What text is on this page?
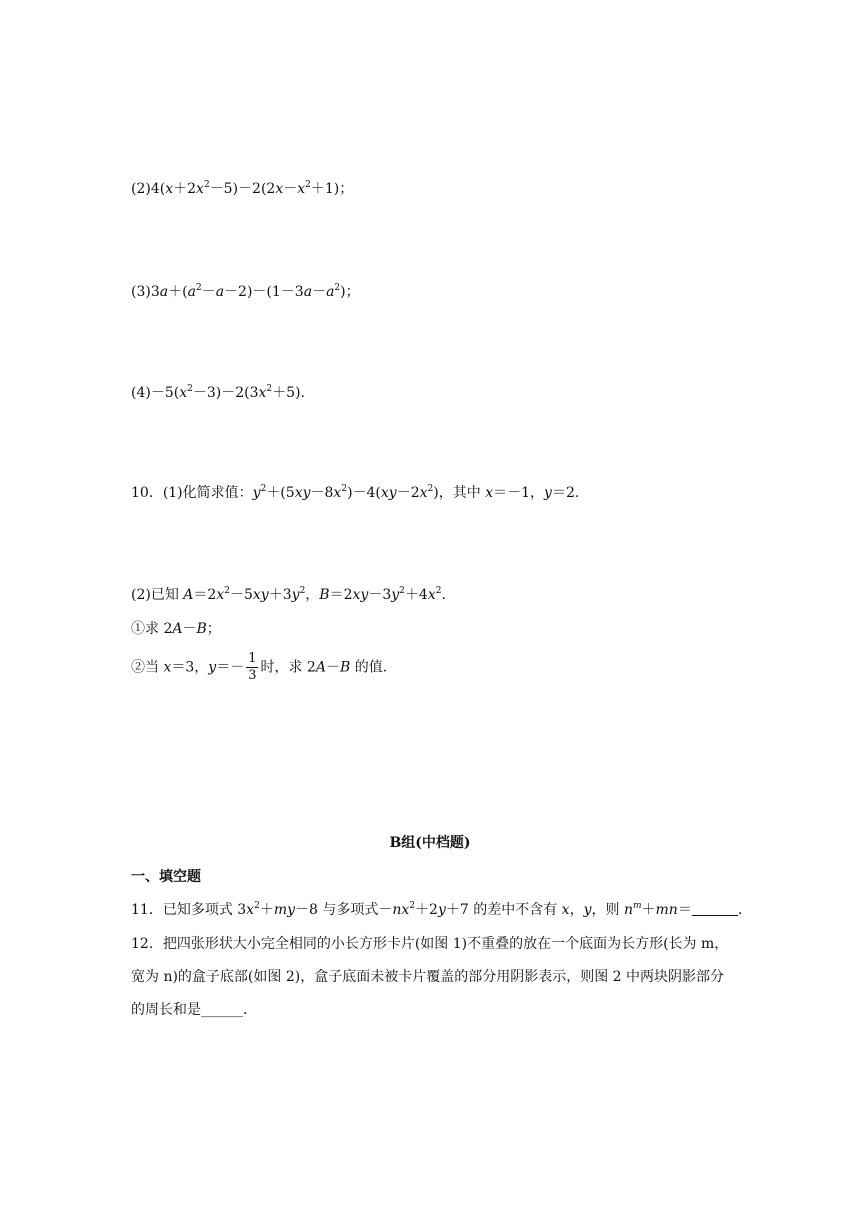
$(2)4(x+2x^2-5)-2(2x-x^2+1)$；
$(3)3a+(a^2-a-2)-(1-3a-a^2)$；
$(4)-5(x^2-3)-2(3x^2+5)$.
10．(1)化简求值：$y^2+(5xy-8x^2)-4(xy-2x^2)$，其中 x＝－1，y＝2.
(2)已知 $A=2x^2-5xy+3y^2$，$B=2xy-3y^2+4x^2$.
①求 2A－B；
②当 x＝3，$y=- \frac{1}{3}$ 时，求 2A－B 的值.
B组(中档题)
一、填空题
11．已知多项式 $3x^2+my-8$ 与多项式$-nx^2+2y+7$ 的差中不含有 x，y，则 $n^m+mn=$	.
12．把四张形状大小完全相同的小长方形卡片(如图 1)不重叠的放在一个底面为长方形(长为 m，宽为 n)的盒子底部(如图 2)，盒子底面未被卡片覆盖的部分用阴影表示，则图 2 中两块阴影部分的周长和是______.
